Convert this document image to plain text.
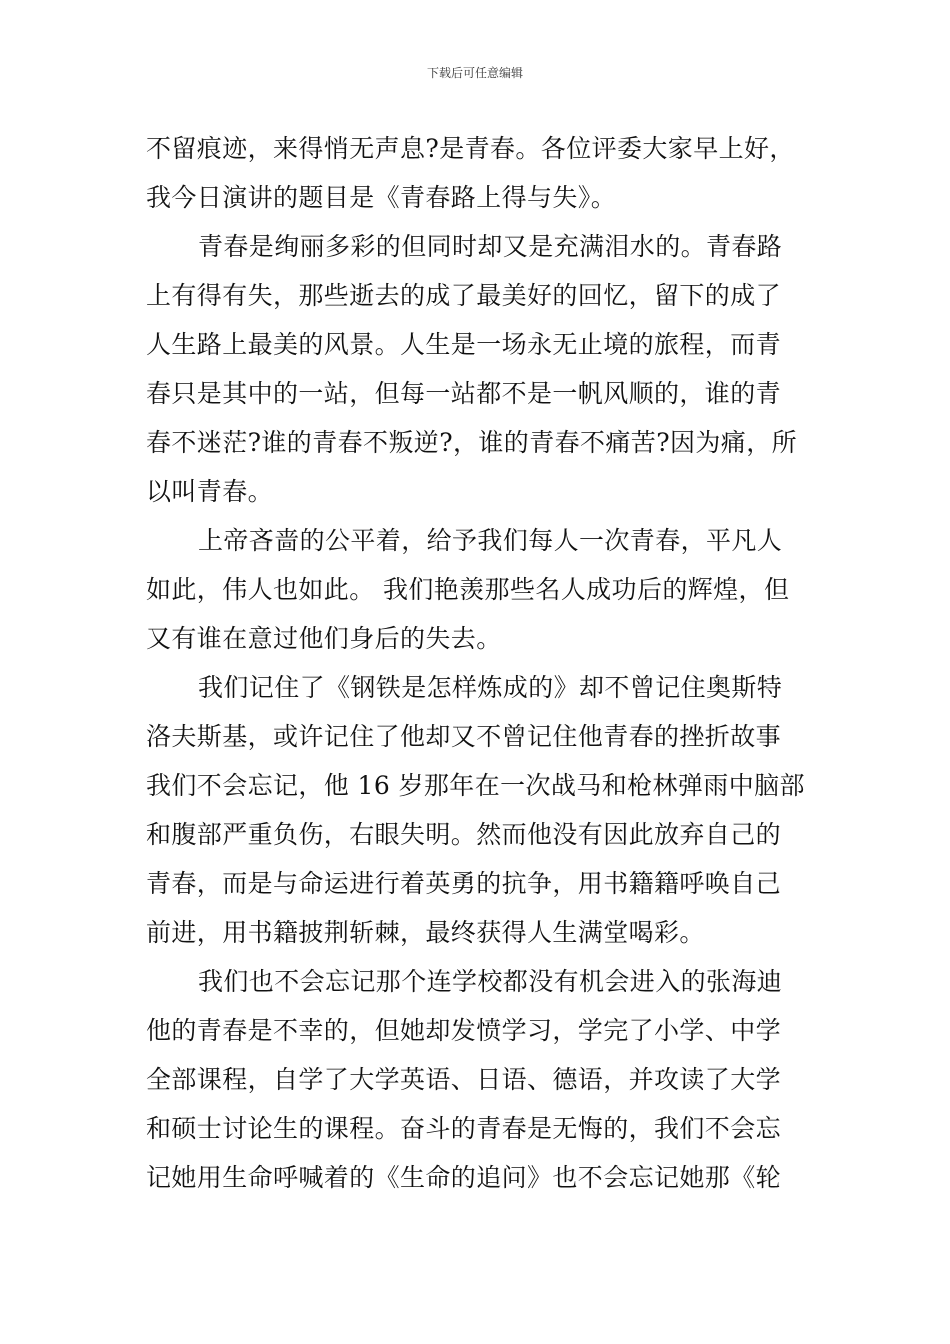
下载后可任意编辑
不留痕迹，来得悄无声息?是青春。各位评委大家早上好，
我今日演讲的题目是《青春路上得与失》。
青春是绚丽多彩的但同时却又是充满泪水的。青春路
上有得有失，那些逝去的成了最美好的回忆，留下的成了
人生路上最美的风景。人生是一场永无止境的旅程，而青
春只是其中的一站，但每一站都不是一帆风顺的，谁的青
春不迷茫?谁的青春不叛逆?，谁的青春不痛苦?因为痛，所
以叫青春。
上帝吝啬的公平着，给予我们每人一次青春，平凡人
如此，伟人也如此。 我们艳羡那些名人成功后的辉煌，但
又有谁在意过他们身后的失去。
我们记住了《钢铁是怎样炼成的》却不曾记住奥斯特
洛夫斯基，或许记住了他却又不曾记住他青春的挫折故事
我们不会忘记，他 16 岁那年在一次战马和枪林弹雨中脑部
和腹部严重负伤，右眼失明。然而他没有因此放弃自己的
青春，而是与命运进行着英勇的抗争，用书籍籍呼唤自己
前进，用书籍披荆斩棘，最终获得人生满堂喝彩。
我们也不会忘记那个连学校都没有机会进入的张海迪
他的青春是不幸的，但她却发愤学习，学完了小学、中学
全部课程，自学了大学英语、日语、德语，并攻读了大学
和硕士讨论生的课程。奋斗的青春是无悔的，我们不会忘
记她用生命呼喊着的《生命的追问》也不会忘记她那《轮
